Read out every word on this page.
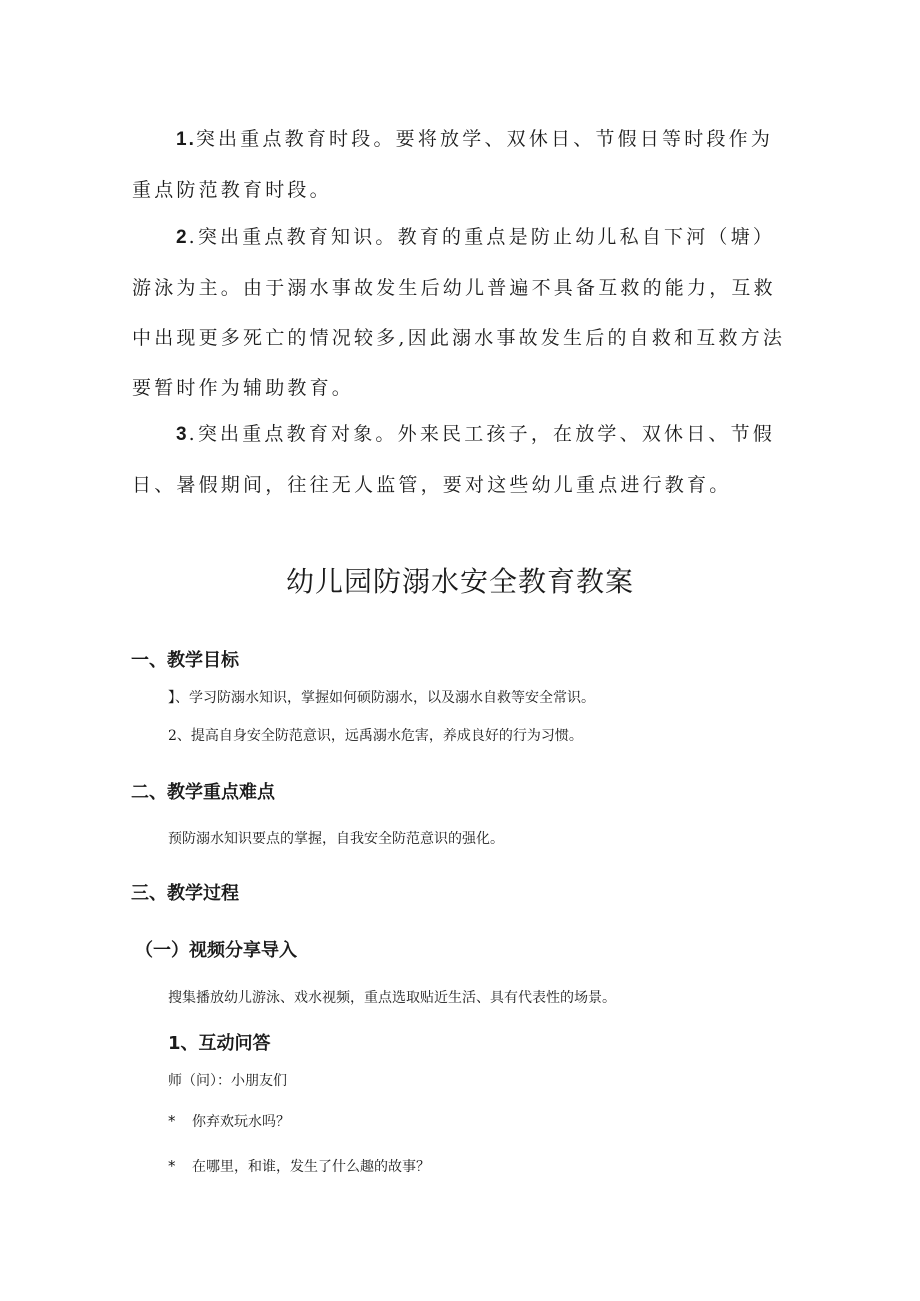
1.突出重点教育时段。要将放学、双休日、节假日等时段作为重点防范教育时段。

2.突出重点教育知识。教育的重点是防止幼儿私自下河（塘）游泳为主。由于溺水事故发生后幼儿普遍不具备互救的能力，互救中出现更多死亡的情况较多,因此溺水事故发生后的自救和互救方法要暂时作为辅助教育。

3.突出重点教育对象。外来民工孩子，在放学、双休日、节假日、暑假期间，往往无人监管，要对这些幼儿重点进行教育。

幼儿园防溺水安全教育教案
一、教学目标

】、学习防溺水知识，掌握如何硕防溺水，以及溺水自救等安全常识。

2、提高自身安全防范意识，远禹溺水危害，养成良好的行为习惯。

二、教学重点难点

预防溺水知识要点的掌握，自我安全防范意识的强化。

三、教学过程
（一）视频分享导入

搜集播放幼儿游泳、戏水视频，重点选取贴近生活、具有代表性的场景。

1、互动问答

师（问）：小朋友们

* 你弃欢玩水吗？

* 在哪里，和谁，发生了什么趣的故事？
